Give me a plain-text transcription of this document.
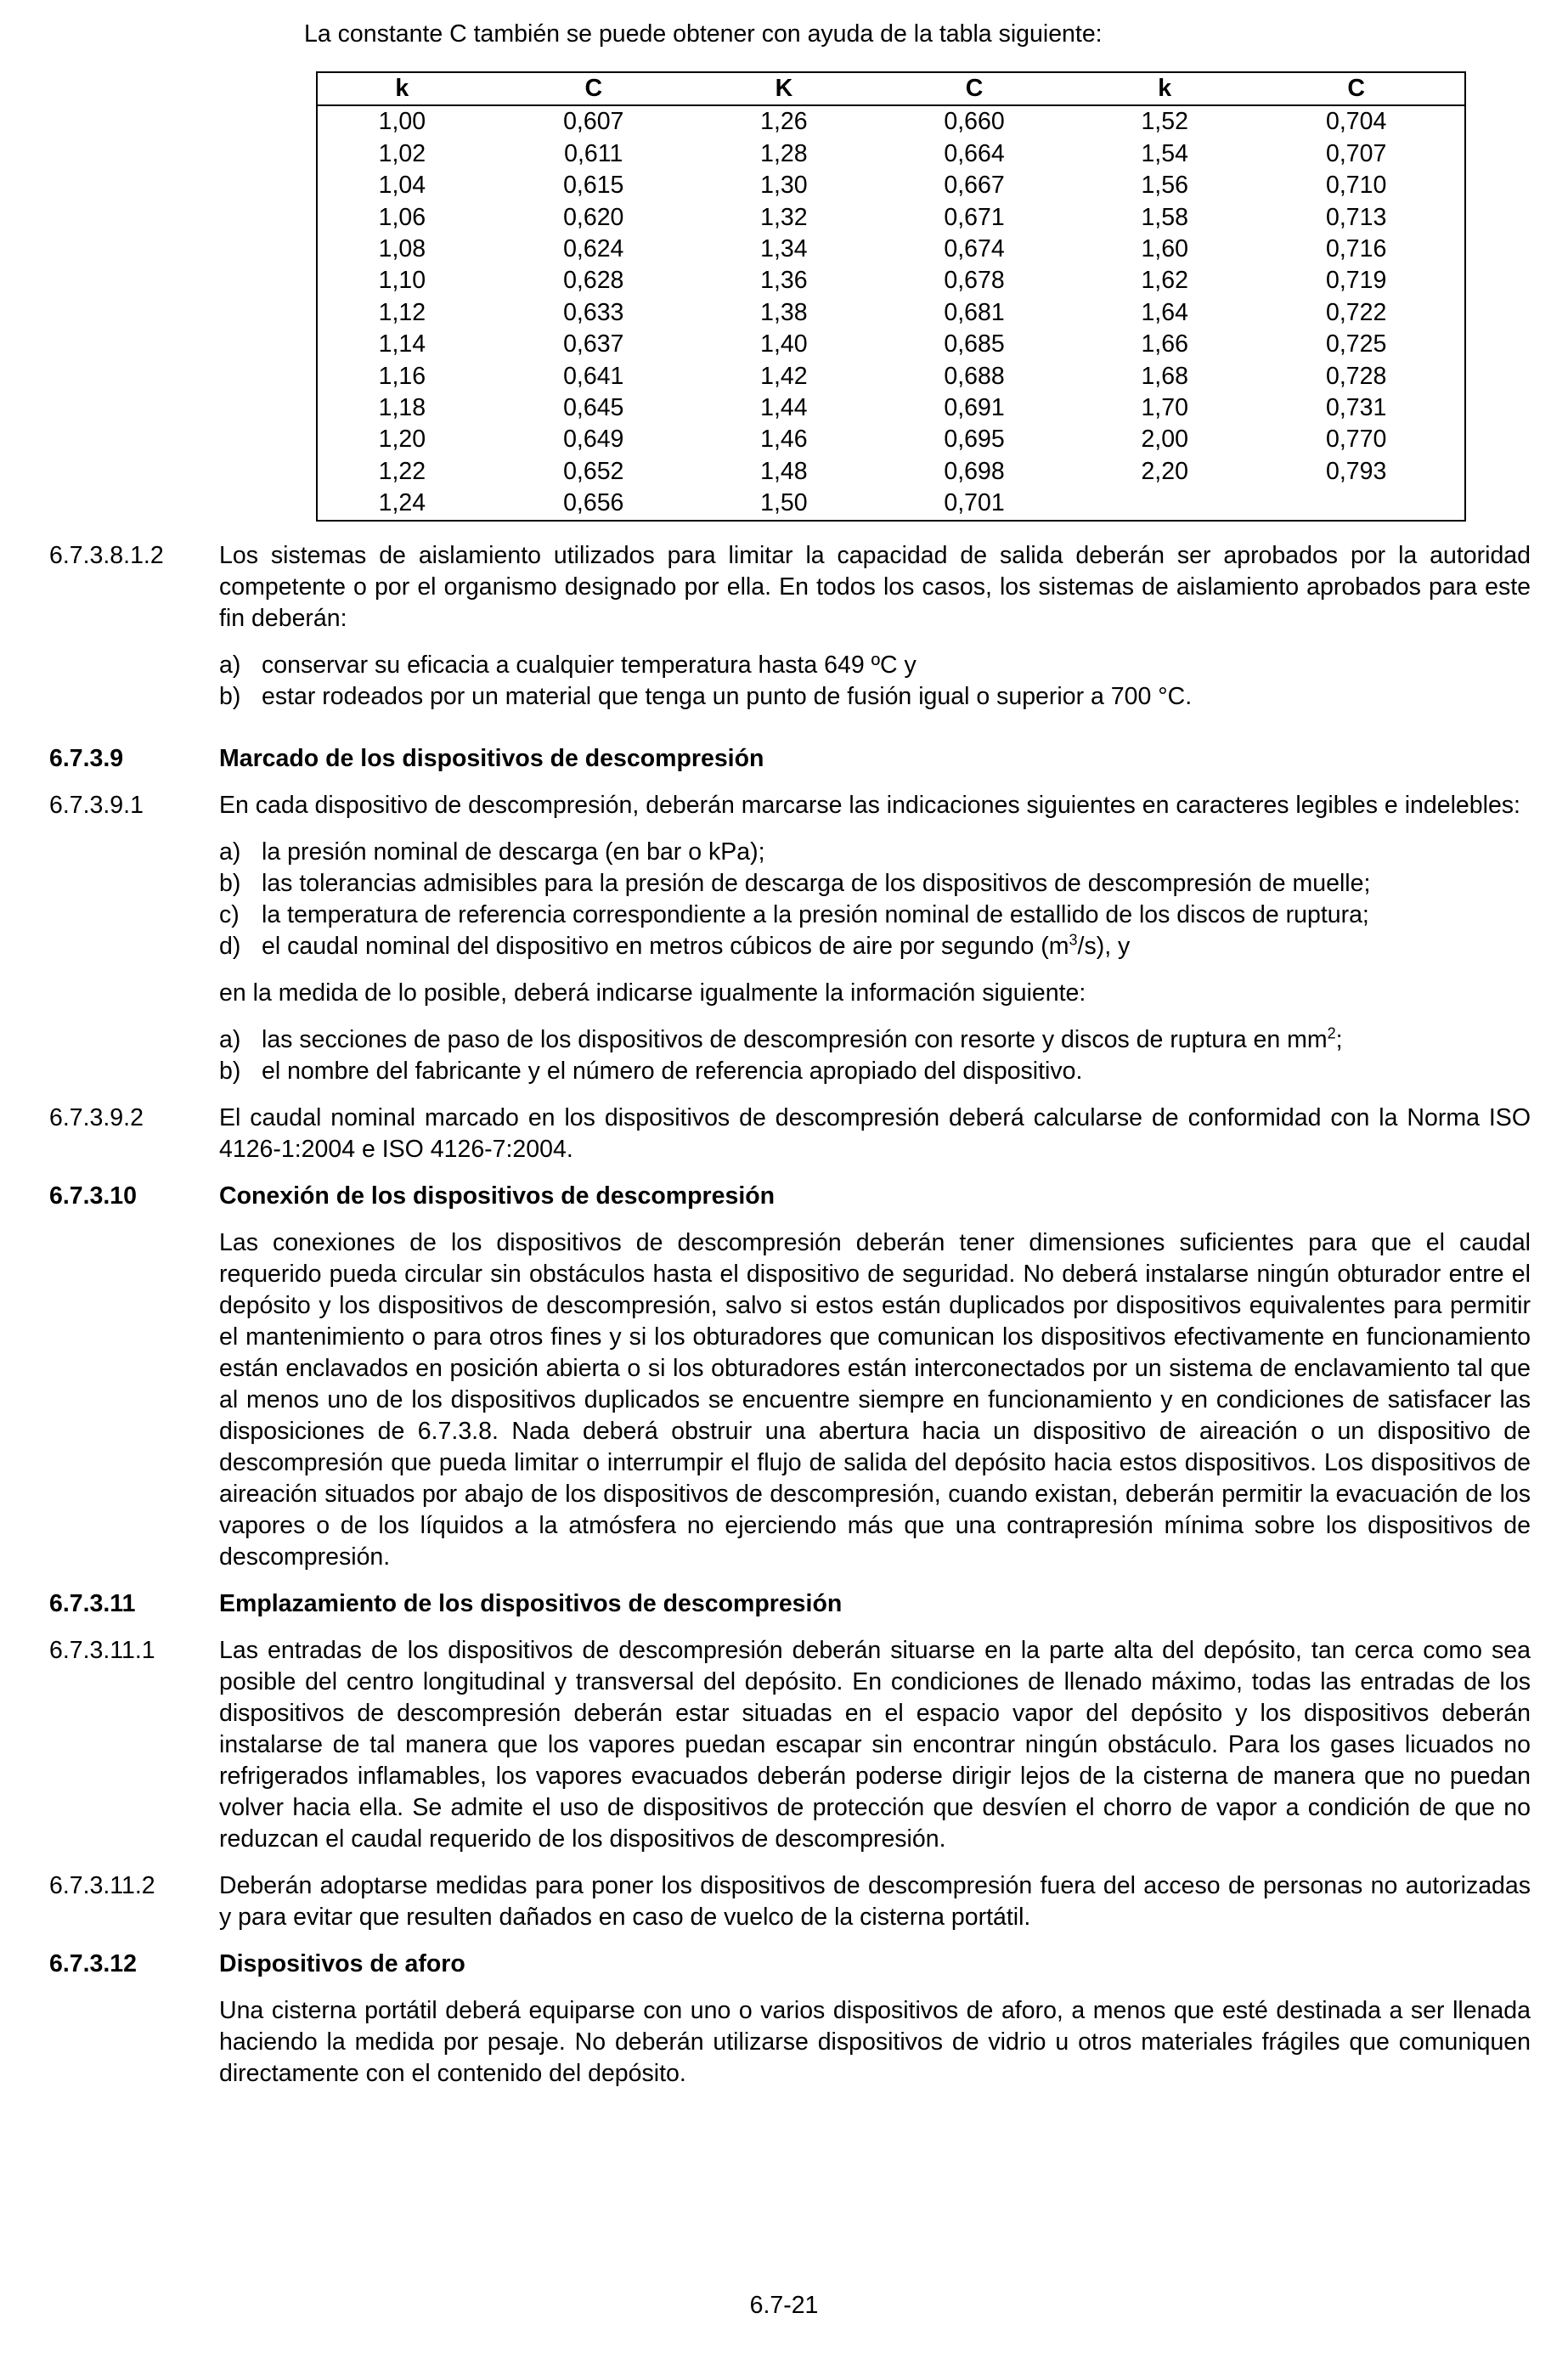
La constante C también se puede obtener con ayuda de la tabla siguiente:
k	C	K	C	k	C
1,00	0,607	1,26	0,660	1,52	0,704
1,02	0,611	1,28	0,664	1,54	0,707
1,04	0,615	1,30	0,667	1,56	0,710
1,06	0,620	1,32	0,671	1,58	0,713
1,08	0,624	1,34	0,674	1,60	0,716
1,10	0,628	1,36	0,678	1,62	0,719
1,12	0,633	1,38	0,681	1,64	0,722
1,14	0,637	1,40	0,685	1,66	0,725
1,16	0,641	1,42	0,688	1,68	0,728
1,18	0,645	1,44	0,691	1,70	0,731
1,20	0,649	1,46	0,695	2,00	0,770
1,22	0,652	1,48	0,698	2,20	0,793
1,24	0,656	1,50	0,701		
6.7.3.8.1.2	Los sistemas de aislamiento utilizados para limitar la capacidad de salida deberán ser aprobados por la autoridad competente o por el organismo designado por ella. En todos los casos, los sistemas de aislamiento aprobados para este fin deberán:

a) conservar su eficacia a cualquier temperatura hasta 649 ºC y
b) estar rodeados por un material que tenga un punto de fusión igual o superior a 700 °C.
6.7.3.9	Marcado de los dispositivos de descompresión
6.7.3.9.1	En cada dispositivo de descompresión, deberán marcarse las indicaciones siguientes en caracteres legibles e indelebles:

a) la presión nominal de descarga (en bar o kPa);
b) las tolerancias admisibles para la presión de descarga de los dispositivos de descompresión de muelle;
c) la temperatura de referencia correspondiente a la presión nominal de estallido de los discos de ruptura;
d) el caudal nominal del dispositivo en metros cúbicos de aire por segundo $(m^3/s)$, y

en la medida de lo posible, deberá indicarse igualmente la información siguiente:

a) las secciones de paso de los dispositivos de descompresión con resorte y discos de ruptura en $mm^2$;
b) el nombre del fabricante y el número de referencia apropiado del dispositivo.
6.7.3.9.2	El caudal nominal marcado en los dispositivos de descompresión deberá calcularse de conformidad con la Norma ISO 4126-1:2004 e ISO 4126-7:2004.
6.7.3.10	Conexión de los dispositivos de descompresión
Las conexiones de los dispositivos de descompresión deberán tener dimensiones suficientes para que el caudal requerido pueda circular sin obstáculos hasta el dispositivo de seguridad. No deberá instalarse ningún obturador entre el depósito y los dispositivos de descompresión, salvo si estos están duplicados por dispositivos equivalentes para permitir el mantenimiento o para otros fines y si los obturadores que comunican los dispositivos efectivamente en funcionamiento están enclavados en posición abierta o si los obturadores están interconectados por un sistema de enclavamiento tal que al menos uno de los dispositivos duplicados se encuentre siempre en funcionamiento y en condiciones de satisfacer las disposiciones de 6.7.3.8. Nada deberá obstruir una abertura hacia un dispositivo de aireación o un dispositivo de descompresión que pueda limitar o interrumpir el flujo de salida del depósito hacia estos dispositivos. Los dispositivos de aireación situados por abajo de los dispositivos de descompresión, cuando existan, deberán permitir la evacuación de los vapores o de los líquidos a la atmósfera no ejerciendo más que una contrapresión mínima sobre los dispositivos de descompresión.
6.7.3.11	Emplazamiento de los dispositivos de descompresión
6.7.3.11.1	Las entradas de los dispositivos de descompresión deberán situarse en la parte alta del depósito, tan cerca como sea posible del centro longitudinal y transversal del depósito. En condiciones de llenado máximo, todas las entradas de los dispositivos de descompresión deberán estar situadas en el espacio vapor del depósito y los dispositivos deberán instalarse de tal manera que los vapores puedan escapar sin encontrar ningún obstáculo. Para los gases licuados no refrigerados inflamables, los vapores evacuados deberán poderse dirigir lejos de la cisterna de manera que no puedan volver hacia ella. Se admite el uso de dispositivos de protección que desvíen el chorro de vapor a condición de que no reduzcan el caudal requerido de los dispositivos de descompresión.
6.7.3.11.2	Deberán adoptarse medidas para poner los dispositivos de descompresión fuera del acceso de personas no autorizadas y para evitar que resulten dañados en caso de vuelco de la cisterna portátil.
6.7.3.12	Dispositivos de aforo
Una cisterna portátil deberá equiparse con uno o varios dispositivos de aforo, a menos que esté destinada a ser llenada haciendo la medida por pesaje. No deberán utilizarse dispositivos de vidrio u otros materiales frágiles que comuniquen directamente con el contenido del depósito.
6.7-21
